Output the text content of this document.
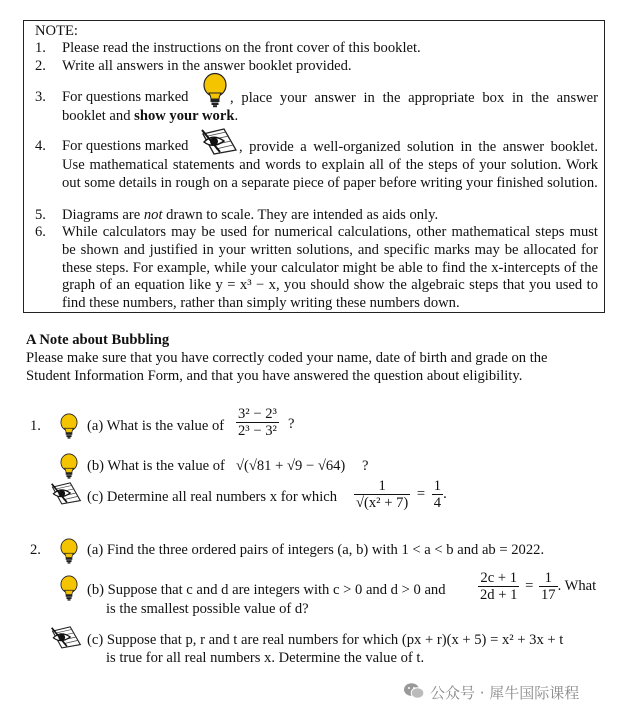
NOTE:
1. Please read the instructions on the front cover of this booklet.
2. Write all answers in the answer booklet provided.
3. For questions marked	, place your answer in the appropriate box in the answer booklet and show your work.
4. For questions marked	, provide a well-organized solution in the answer booklet. Use mathematical statements and words to explain all of the steps of your solution. Work out some details in rough on a separate piece of paper before writing your finished solution.
5. Diagrams are not drawn to scale. They are intended as aids only.
6. While calculators may be used for numerical calculations, other mathematical steps must be shown and justified in your written solutions, and specific marks may be allocated for these steps. For example, while your calculator might be able to find the x-intercepts of the graph of an equation like y = x³ − x, you should show the algebraic steps that you used to find these numbers, rather than simply writing these numbers down.
A Note about Bubbling
Please make sure that you have correctly coded your name, date of birth and grade on the Student Information Form, and that you have answered the question about eligibility.
1.	(a) What is the value of $\frac{\text{3² − 2³}}{\text{2³ − 3²}}$ ?
(b) What is the value of √(√81 + √9 − √64) ?
(c) Determine all real numbers x for which $\frac{1}{\text{√(x² + 7)}} = \frac{1}{4}$ .
2.	(a) Find the three ordered pairs of integers (a, b) with 1 < a < b and ab = 2022.
(b) Suppose that c and d are integers with c > 0 and d > 0 and $\frac{2c + 1}{2d + 1} = \frac{1}{17}$ . What
is the smallest possible value of d?
(c) Suppose that p, r and t are real numbers for which (px + r)(x + 5) = x² + 3x + t
is true for all real numbers x. Determine the value of t.
公众号 · 犀牛国际课程
